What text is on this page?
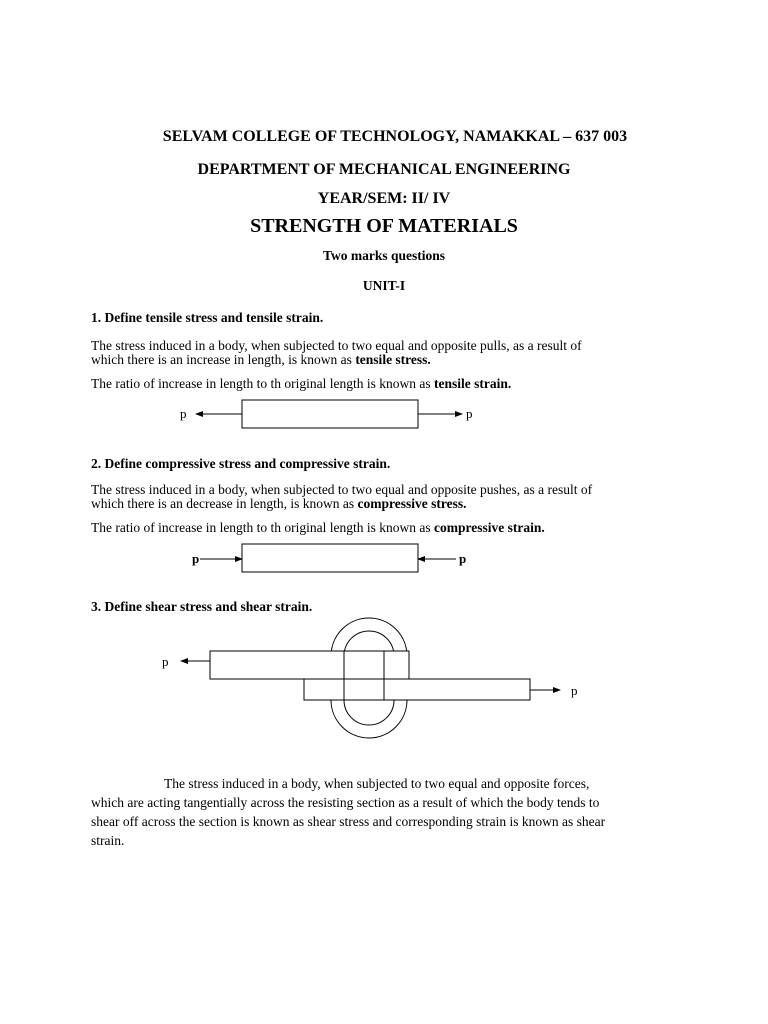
SELVAM COLLEGE OF TECHNOLOGY, NAMAKKAL – 637 003
DEPARTMENT OF MECHANICAL ENGINEERING
YEAR/SEM: II/ IV
STRENGTH OF MATERIALS
Two marks questions
UNIT-I
1. Define tensile stress and tensile strain.
The stress induced in a body, when subjected to two equal and opposite pulls, as a result of
which there is an increase in length, is known as tensile stress.
The ratio of increase in length to th original length is known as tensile strain.
2. Define compressive stress and compressive strain.
The stress induced in a body, when subjected to two equal and opposite pushes, as a result of
which there is an decrease in length, is known as compressive stress.
The ratio of increase in length to th original length is known as compressive strain.
3. Define shear stress and shear strain.
The stress induced in a body, when subjected to two equal and opposite forces,
which are acting tangentially across the resisting section as a result of which the body tends to
shear off across the section is known as shear stress and corresponding strain is known as shear
strain.
p	p
p	p
p
p
